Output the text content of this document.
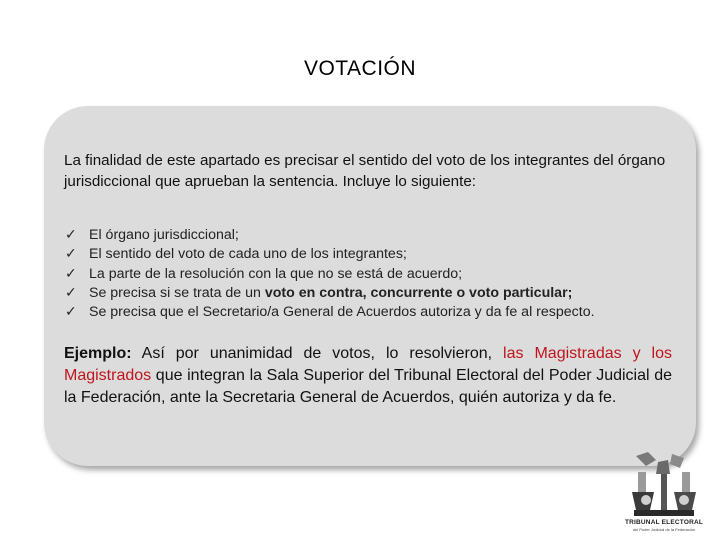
VOTACIÓN
La finalidad de este apartado es precisar el sentido del voto de los integrantes del órgano jurisdiccional que aprueban la sentencia. Incluye lo siguiente:
✓ El órgano jurisdiccional;
✓ El sentido del voto de cada uno de los integrantes;
✓ La parte de la resolución con la que no se está de acuerdo;
✓ Se precisa si se trata de un voto en contra, concurrente o voto particular;
✓ Se precisa que el Secretario/a General de Acuerdos autoriza y da fe al respecto.
Ejemplo: Así por unanimidad de votos, lo resolvieron, las Magistradas y los Magistrados que integran la Sala Superior del Tribunal Electoral del Poder Judicial de la Federación, ante la Secretaria General de Acuerdos, quién autoriza y da fe.
TRIBUNAL ELECTORAL
del Poder Judicial de la Federación
